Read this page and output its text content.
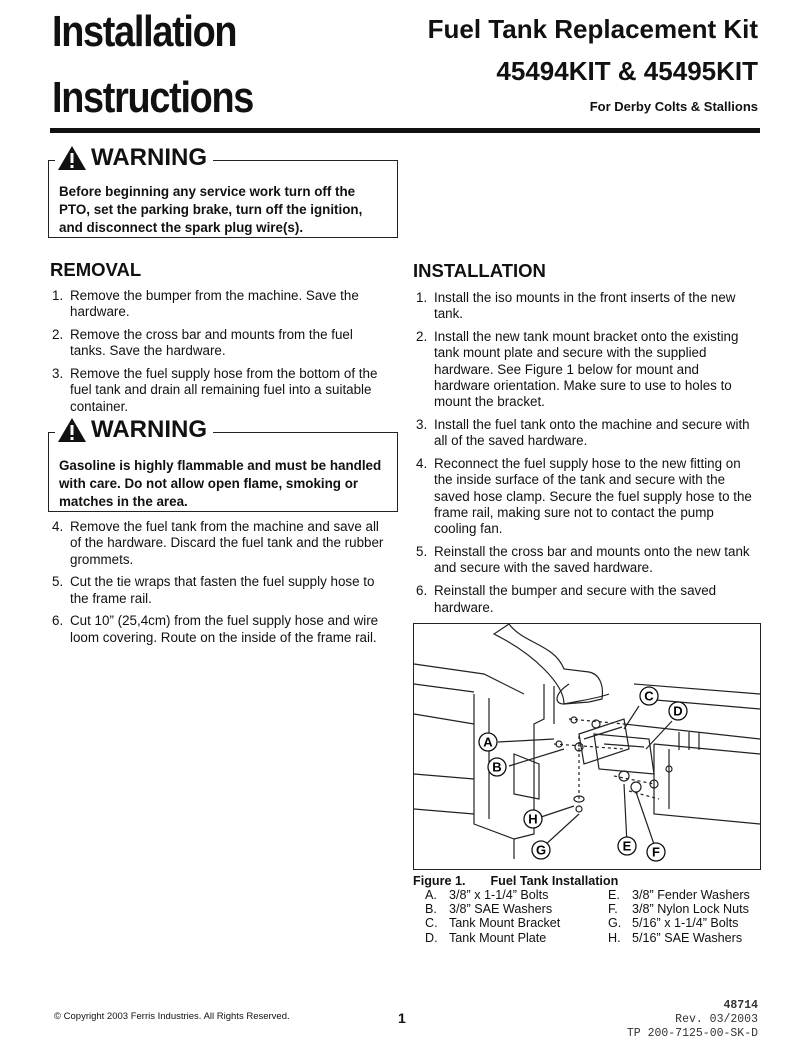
Installation
Instructions
Fuel Tank Replacement Kit
45494KIT & 45495KIT
For Derby Colts & Stallions
WARNING
Before beginning any service work turn off the PTO, set the parking brake, turn off the ignition, and disconnect the spark plug wire(s).
REMOVAL
1. Remove the bumper from the machine. Save the hardware.
2. Remove the cross bar and mounts from the fuel tanks. Save the hardware.
3. Remove the fuel supply hose from the bottom of the fuel tank and drain all remaining fuel into a suitable container.
WARNING
Gasoline is highly flammable and must be handled with care. Do not allow open flame, smoking or matches in the area.
4. Remove the fuel tank from the machine and save all of the hardware. Discard the fuel tank and the rubber grommets.
5. Cut the tie wraps that fasten the fuel supply hose to the frame rail.
6. Cut 10” (25,4cm) from the fuel supply hose and wire loom covering. Route on the inside of the frame rail.
INSTALLATION
1. Install the iso mounts in the front inserts of the new tank.
2. Install the new tank mount bracket onto the existing tank mount plate and secure with the supplied hardware. See Figure 1 below for mount and hardware orientation. Make sure to use to holes to mount the bracket.
3. Install the fuel tank onto the machine and secure with all of the saved hardware.
4. Reconnect the fuel supply hose to the new fitting on the inside surface of the tank and secure with the saved hose clamp. Secure the fuel supply hose to the frame rail, making sure not to contact the pump cooling fan.
5. Reinstall the cross bar and mounts onto the new tank and secure with the saved hardware.
6. Reinstall the bumper and secure with the saved hardware.
A
B
C
D
E F
G
H
Figure 1. Fuel Tank Installation
A. 3/8” x 1-1/4” Bolts
B. 3/8” SAE Washers
C. Tank Mount Bracket
D. Tank Mount Plate
E. 3/8” Fender Washers
F. 3/8” Nylon Lock Nuts
G. 5/16” x 1-1/4” Bolts
H. 5/16” SAE Washers
© Copyright 2003 Ferris Industries. All Rights Reserved.	1
48714
Rev. 03/2003
TP 200-7125-00-SK-D
